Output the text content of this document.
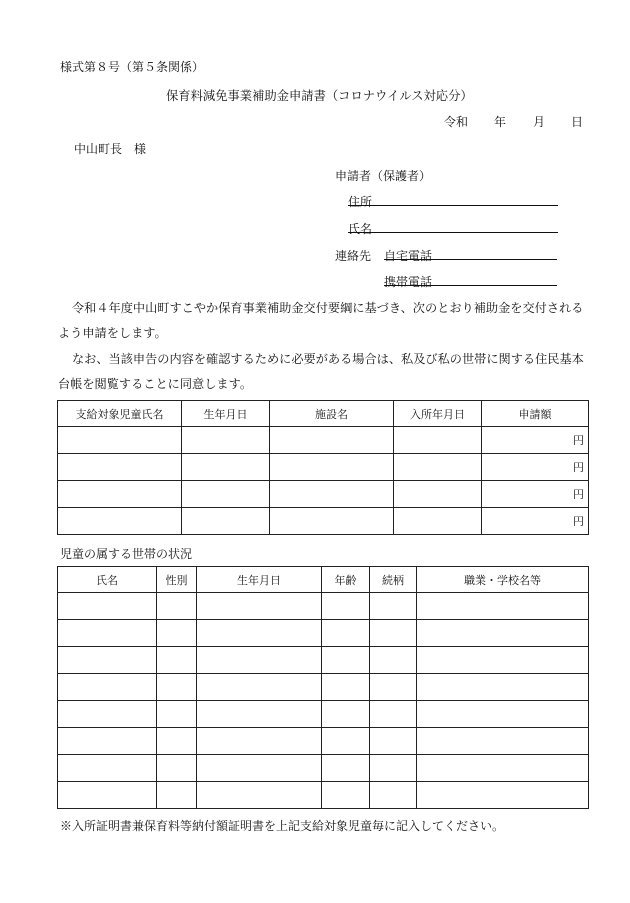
様式第８号（第５条関係）
保育料減免事業補助金申請書（コロナウイルス対応分）
令和 年 月 日
中山町長　様
申請者（保護者）
住所
氏名
連絡先 自宅電話
携帯電話
令和４年度中山町すこやか保育事業補助金交付要綱に基づき、次のとおり補助金を交付されるよう申請をします。
なお、当該申告の内容を確認するために必要がある場合は、私及び私の世帯に関する住民基本台帳を閲覧することに同意します。
支給対象児童氏名	生年月日	施設名	入所年月日	申請額
				円
				円
				円
				円
児童の属する世帯の状況
氏名	性別	生年月日	年齢	続柄	職業・学校名等

※入所証明書兼保育料等納付額証明書を上記支給対象児童毎に記入してください。
